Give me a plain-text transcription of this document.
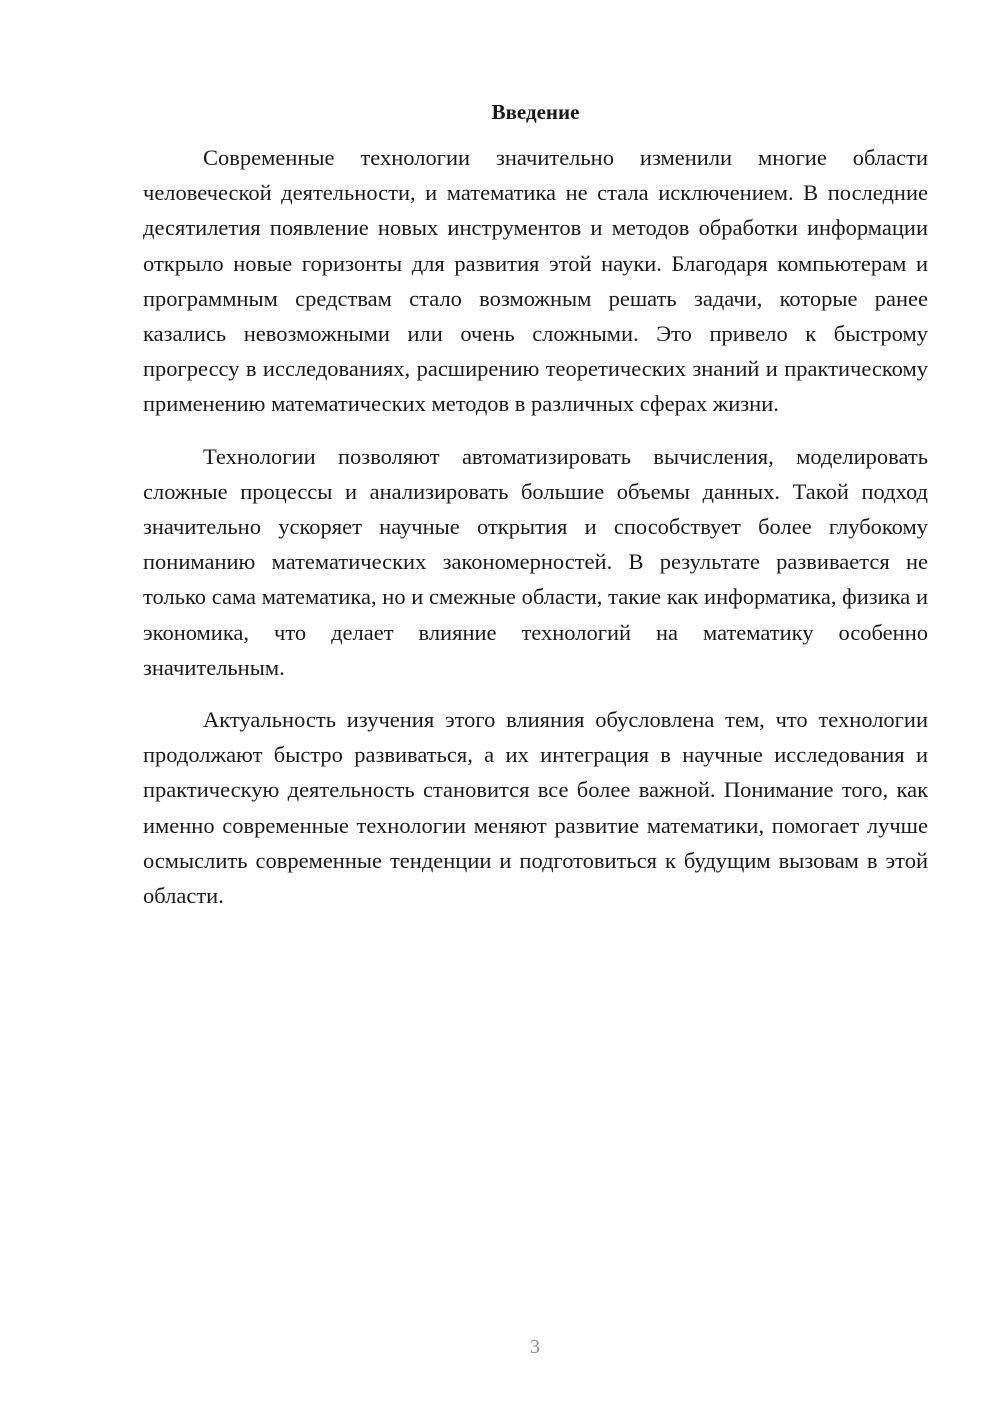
Введение

Современные технологии значительно изменили многие области человеческой деятельности, и математика не стала исключением. В последние десятилетия появление новых инструментов и методов обработки информации открыло новые горизонты для развития этой науки. Благодаря компьютерам и программным средствам стало возможным решать задачи, которые ранее казались невозможными или очень сложными. Это привело к быстрому прогрессу в исследованиях, расширению теоретических знаний и практическому применению математических методов в различных сферах жизни.

Технологии позволяют автоматизировать вычисления, моделировать сложные процессы и анализировать большие объемы данных. Такой подход значительно ускоряет научные открытия и способствует более глубокому пониманию математических закономерностей. В результате развивается не только сама математика, но и смежные области, такие как информатика, физика и экономика, что делает влияние технологий на математику особенно значительным.

Актуальность изучения этого влияния обусловлена тем, что технологии продолжают быстро развиваться, а их интеграция в научные исследования и практическую деятельность становится все более важной. Понимание того, как именно современные технологии меняют развитие математики, помогает лучше осмыслить современные тенденции и подготовиться к будущим вызовам в этой области.

3
